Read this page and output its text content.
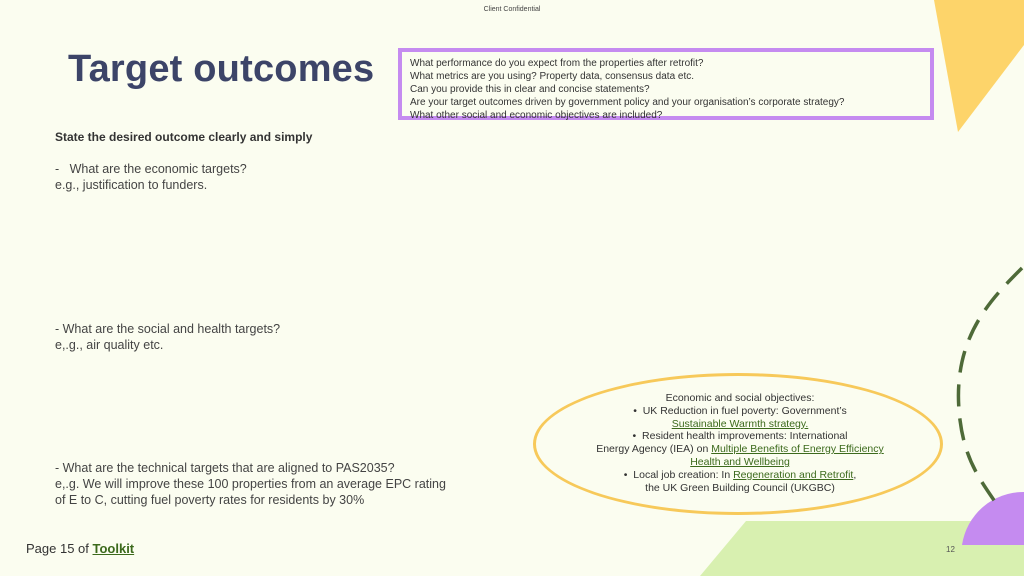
Client Confidential
Target outcomes	What performance do you expect from the properties after retrofit?
What metrics are you using? Property data, consensus data etc.
Can you provide this in clear and concise statements?
Are your target outcomes driven by government policy and your organisation’s corporate strategy?
What other social and economic objectives are included?
State the desired outcome clearly and simply
-   What are the economic targets?
e.g., justification to funders.
- What are the social and health targets?
e,.g., air quality etc.
- What are the technical targets that are aligned to PAS2035?
e,.g. We will improve these 100 properties from an average EPC rating
of E to C, cutting fuel poverty rates for residents by 30%
Economic and social objectives:
•  UK Reduction in fuel poverty: Government’s
Sustainable Warmth strategy.
•  Resident health improvements: International
Energy Agency (IEA) on Multiple Benefits of Energy Efficiency Health and Wellbeing
•  Local job creation: In Regeneration and Retrofit,
the UK Green Building Council (UKGBC)
Page 15 of Toolkit	12
